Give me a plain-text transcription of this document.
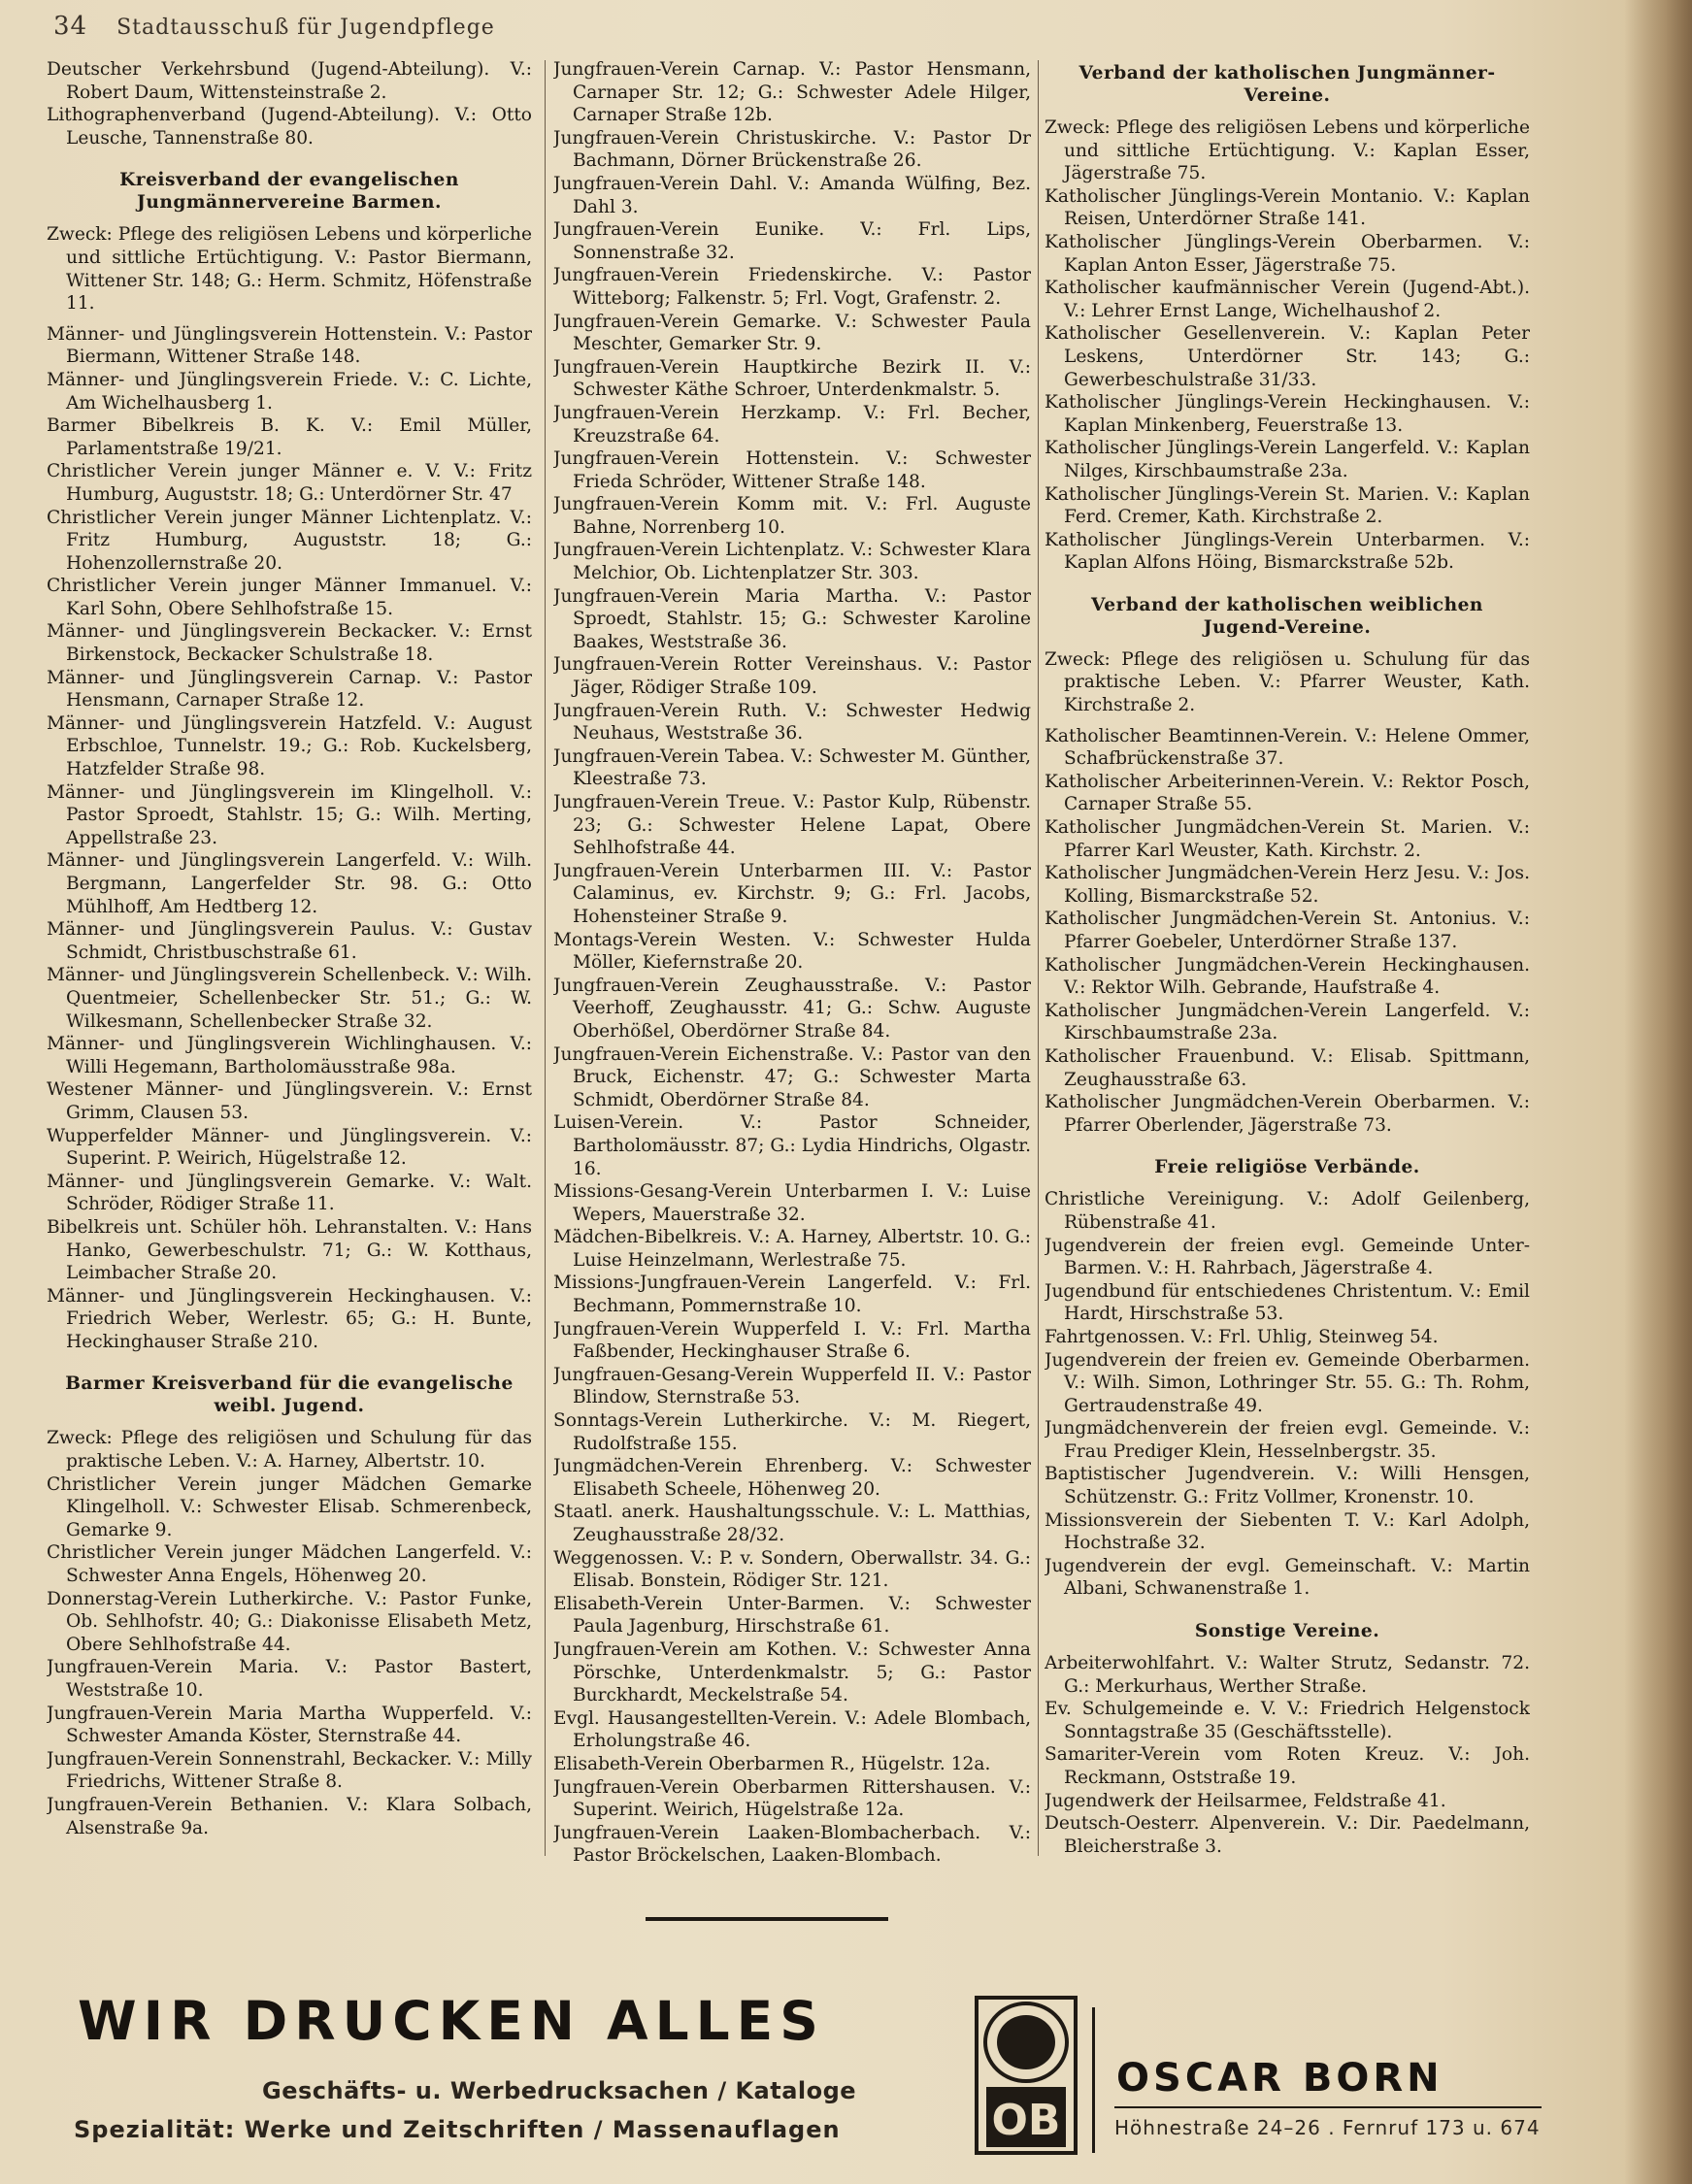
34 Stadtausschuß für Jugendpflege
Deutscher Verkehrsbund (Jugend-Abteilung). V.: Robert Daum, Wittensteinstraße 2.
Lithographenverband (Jugend-Abteilung). V.: Otto Leusche, Tannenstraße 80.
Kreisverband der evangelischen Jungmännervereine Barmen.
Zweck: Pflege des religiösen Lebens und körperliche und sittliche Ertüchtigung. V.: Pastor Biermann, Wittener Str. 148; G.: Herm. Schmitz, Höfenstraße 11.
Männer- und Jünglingsverein Hottenstein. V.: Pastor Biermann, Wittener Straße 148.
Männer- und Jünglingsverein Friede. V.: C. Lichte, Am Wichelhausberg 1.
Barmer Bibelkreis B. K. V.: Emil Müller, Parlamentstraße 19/21.
Christlicher Verein junger Männer e. V. V.: Fritz Humburg, Auguststr. 18; G.: Unterdörner Str. 47
Christlicher Verein junger Männer Lichtenplatz. V.: Fritz Humburg, Auguststr. 18; G.: Hohenzollernstraße 20.
Christlicher Verein junger Männer Immanuel. V.: Karl Sohn, Obere Sehlhofstraße 15.
Männer- und Jünglingsverein Beckacker. V.: Ernst Birkenstock, Beckacker Schulstraße 18.
Männer- und Jünglingsverein Carnap. V.: Pastor Hensmann, Carnaper Straße 12.
Männer- und Jünglingsverein Hatzfeld. V.: August Erbschloe, Tunnelstr. 19.; G.: Rob. Kuckelsberg, Hatzfelder Straße 98.
Männer- und Jünglingsverein im Klingelholl. V.: Pastor Sproedt, Stahlstr. 15; G.: Wilh. Merting, Appellstraße 23.
Männer- und Jünglingsverein Langerfeld. V.: Wilh. Bergmann, Langerfelder Str. 98. G.: Otto Mühlhoff, Am Hedtberg 12.
Männer- und Jünglingsverein Paulus. V.: Gustav Schmidt, Christbuschstraße 61.
Männer- und Jünglingsverein Schellenbeck. V.: Wilh. Quentmeier, Schellenbecker Str. 51.; G.: W. Wilkesmann, Schellenbecker Straße 32.
Männer- und Jünglingsverein Wichlinghausen. V.: Willi Hegemann, Bartholomäusstraße 98a.
Westener Männer- und Jünglingsverein. V.: Ernst Grimm, Clausen 53.
Wupperfelder Männer- und Jünglingsverein. V.: Superint. P. Weirich, Hügelstraße 12.
Männer- und Jünglingsverein Gemarke. V.: Walt. Schröder, Rödiger Straße 11.
Bibelkreis unt. Schüler höh. Lehranstalten. V.: Hans Hanko, Gewerbeschulstr. 71; G.: W. Kotthaus, Leimbacher Straße 20.
Männer- und Jünglingsverein Heckinghausen. V.: Friedrich Weber, Werlestr. 65; G.: H. Bunte, Heckinghauser Straße 210.
Barmer Kreisverband für die evangelische weibl. Jugend.
Zweck: Pflege des religiösen und Schulung für das praktische Leben. V.: A. Harney, Albertstr. 10.
Christlicher Verein junger Mädchen Gemarke Klingelholl. V.: Schwester Elisab. Schmerenbeck, Gemarke 9.
Christlicher Verein junger Mädchen Langerfeld. V.: Schwester Anna Engels, Höhenweg 20.
Donnerstag-Verein Lutherkirche. V.: Pastor Funke, Ob. Sehlhofstr. 40; G.: Diakonisse Elisabeth Metz, Obere Sehlhofstraße 44.
Jungfrauen-Verein Maria. V.: Pastor Bastert, Weststraße 10.
Jungfrauen-Verein Maria Martha Wupperfeld. V.: Schwester Amanda Köster, Sternstraße 44.
Jungfrauen-Verein Sonnenstrahl, Beckacker. V.: Milly Friedrichs, Wittener Straße 8.
Jungfrauen-Verein Bethanien. V.: Klara Solbach, Alsenstraße 9a.
Jungfrauen-Verein Carnap. V.: Pastor Hensmann, Carnaper Str. 12; G.: Schwester Adele Hilger, Carnaper Straße 12b.
Jungfrauen-Verein Christuskirche. V.: Pastor Dr Bachmann, Dörner Brückenstraße 26.
Jungfrauen-Verein Dahl. V.: Amanda Wülfing, Bez. Dahl 3.
Jungfrauen-Verein Eunike. V.: Frl. Lips, Sonnenstraße 32.
Jungfrauen-Verein Friedenskirche. V.: Pastor Witteborg; Falkenstr. 5; Frl. Vogt, Grafenstr. 2.
Jungfrauen-Verein Gemarke. V.: Schwester Paula Meschter, Gemarker Str. 9.
Jungfrauen-Verein Hauptkirche Bezirk II. V.: Schwester Käthe Schroer, Unterdenkmalstr. 5.
Jungfrauen-Verein Herzkamp. V.: Frl. Becher, Kreuzstraße 64.
Jungfrauen-Verein Hottenstein. V.: Schwester Frieda Schröder, Wittener Straße 148.
Jungfrauen-Verein Komm mit. V.: Frl. Auguste Bahne, Norrenberg 10.
Jungfrauen-Verein Lichtenplatz. V.: Schwester Klara Melchior, Ob. Lichtenplatzer Str. 303.
Jungfrauen-Verein Maria Martha. V.: Pastor Sproedt, Stahlstr. 15; G.: Schwester Karoline Baakes, Weststraße 36.
Jungfrauen-Verein Rotter Vereinshaus. V.: Pastor Jäger, Rödiger Straße 109.
Jungfrauen-Verein Ruth. V.: Schwester Hedwig Neuhaus, Weststraße 36.
Jungfrauen-Verein Tabea. V.: Schwester M. Günther, Kleestraße 73.
Jungfrauen-Verein Treue. V.: Pastor Kulp, Rübenstr. 23; G.: Schwester Helene Lapat, Obere Sehlhofstraße 44.
Jungfrauen-Verein Unterbarmen III. V.: Pastor Calaminus, ev. Kirchstr. 9; G.: Frl. Jacobs, Hohensteiner Straße 9.
Montags-Verein Westen. V.: Schwester Hulda Möller, Kiefernstraße 20.
Jungfrauen-Verein Zeughausstraße. V.: Pastor Veerhoff, Zeughausstr. 41; G.: Schw. Auguste Oberhößel, Oberdörner Straße 84.
Jungfrauen-Verein Eichenstraße. V.: Pastor van den Bruck, Eichenstr. 47; G.: Schwester Marta Schmidt, Oberdörner Straße 84.
Luisen-Verein. V.: Pastor Schneider, Bartholomäusstr. 87; G.: Lydia Hindrichs, Olgastr. 16.
Missions-Gesang-Verein Unterbarmen I. V.: Luise Wepers, Mauerstraße 32.
Mädchen-Bibelkreis. V.: A. Harney, Albertstr. 10. G.: Luise Heinzelmann, Werlestraße 75.
Missions-Jungfrauen-Verein Langerfeld. V.: Frl. Bechmann, Pommernstraße 10.
Jungfrauen-Verein Wupperfeld I. V.: Frl. Martha Faßbender, Heckinghauser Straße 6.
Jungfrauen-Gesang-Verein Wupperfeld II. V.: Pastor Blindow, Sternstraße 53.
Sonntags-Verein Lutherkirche. V.: M. Riegert, Rudolfstraße 155.
Jungmädchen-Verein Ehrenberg. V.: Schwester Elisabeth Scheele, Höhenweg 20.
Staatl. anerk. Haushaltungsschule. V.: L. Matthias, Zeughausstraße 28/32.
Weggenossen. V.: P. v. Sondern, Oberwallstr. 34. G.: Elisab. Bonstein, Rödiger Str. 121.
Elisabeth-Verein Unter-Barmen. V.: Schwester Paula Jagenburg, Hirschstraße 61.
Jungfrauen-Verein am Kothen. V.: Schwester Anna Pörschke, Unterdenkmalstr. 5; G.: Pastor Burckhardt, Meckelstraße 54.
Evgl. Hausangestellten-Verein. V.: Adele Blombach, Erholungstraße 46.
Elisabeth-Verein Oberbarmen R., Hügelstr. 12a.
Jungfrauen-Verein Oberbarmen Rittershausen. V.: Superint. Weirich, Hügelstraße 12a.
Jungfrauen-Verein Laaken-Blombacherbach. V.: Pastor Bröckelschen, Laaken-Blombach.
Verband der katholischen Jungmänner-Vereine.
Zweck: Pflege des religiösen Lebens und körperliche und sittliche Ertüchtigung. V.: Kaplan Esser, Jägerstraße 75.
Katholischer Jünglings-Verein Montanio. V.: Kaplan Reisen, Unterdörner Straße 141.
Katholischer Jünglings-Verein Oberbarmen. V.: Kaplan Anton Esser, Jägerstraße 75.
Katholischer kaufmännischer Verein (Jugend-Abt.). V.: Lehrer Ernst Lange, Wichelhaushof 2.
Katholischer Gesellenverein. V.: Kaplan Peter Leskens, Unterdörner Str. 143; G.: Gewerbeschulstraße 31/33.
Katholischer Jünglings-Verein Heckinghausen. V.: Kaplan Minkenberg, Feuerstraße 13.
Katholischer Jünglings-Verein Langerfeld. V.: Kaplan Nilges, Kirschbaumstraße 23a.
Katholischer Jünglings-Verein St. Marien. V.: Kaplan Ferd. Cremer, Kath. Kirchstraße 2.
Katholischer Jünglings-Verein Unterbarmen. V.: Kaplan Alfons Höing, Bismarckstraße 52b.
Verband der katholischen weiblichen Jugend-Vereine.
Zweck: Pflege des religiösen u. Schulung für das praktische Leben. V.: Pfarrer Weuster, Kath. Kirchstraße 2.
Katholischer Beamtinnen-Verein. V.: Helene Ommer, Schafbrückenstraße 37.
Katholischer Arbeiterinnen-Verein. V.: Rektor Posch, Carnaper Straße 55.
Katholischer Jungmädchen-Verein St. Marien. V.: Pfarrer Karl Weuster, Kath. Kirchstr. 2.
Katholischer Jungmädchen-Verein Herz Jesu. V.: Jos. Kolling, Bismarckstraße 52.
Katholischer Jungmädchen-Verein St. Antonius. V.: Pfarrer Goebeler, Unterdörner Straße 137.
Katholischer Jungmädchen-Verein Heckinghausen. V.: Rektor Wilh. Gebrande, Haufstraße 4.
Katholischer Jungmädchen-Verein Langerfeld. V.: Kirschbaumstraße 23a.
Katholischer Frauenbund. V.: Elisab. Spittmann, Zeughausstraße 63.
Katholischer Jungmädchen-Verein Oberbarmen. V.: Pfarrer Oberlender, Jägerstraße 73.
Freie religiöse Verbände.
Christliche Vereinigung. V.: Adolf Geilenberg, Rübenstraße 41.
Jugendverein der freien evgl. Gemeinde Unter-Barmen. V.: H. Rahrbach, Jägerstraße 4.
Jugendbund für entschiedenes Christentum. V.: Emil Hardt, Hirschstraße 53.
Fahrtgenossen. V.: Frl. Uhlig, Steinweg 54.
Jugendverein der freien ev. Gemeinde Oberbarmen. V.: Wilh. Simon, Lothringer Str. 55. G.: Th. Rohm, Gertraudenstraße 49.
Jungmädchenverein der freien evgl. Gemeinde. V.: Frau Prediger Klein, Hesselnbergstr. 35.
Baptistischer Jugendverein. V.: Willi Hensgen, Schützenstr. G.: Fritz Vollmer, Kronenstr. 10.
Missionsverein der Siebenten T. V.: Karl Adolph, Hochstraße 32.
Jugendverein der evgl. Gemeinschaft. V.: Martin Albani, Schwanenstraße 1.
Sonstige Vereine.
Arbeiterwohlfahrt. V.: Walter Strutz, Sedanstr. 72. G.: Merkurhaus, Werther Straße.
Ev. Schulgemeinde e. V. V.: Friedrich Helgenstock Sonntagstraße 35 (Geschäftsstelle).
Samariter-Verein vom Roten Kreuz. V.: Joh. Reckmann, Oststraße 19.
Jugendwerk der Heilsarmee, Feldstraße 41.
Deutsch-Oesterr. Alpenverein. V.: Dir. Paedelmann, Bleicherstraße 3.
WIR DRUCKEN ALLES
Geschäfts- u. Werbedrucksachen / Kataloge
Spezialität: Werke und Zeitschriften / Massenauflagen	OB
OSCAR BORN
Höhnestraße 24–26 . Fernruf 173 u. 674
